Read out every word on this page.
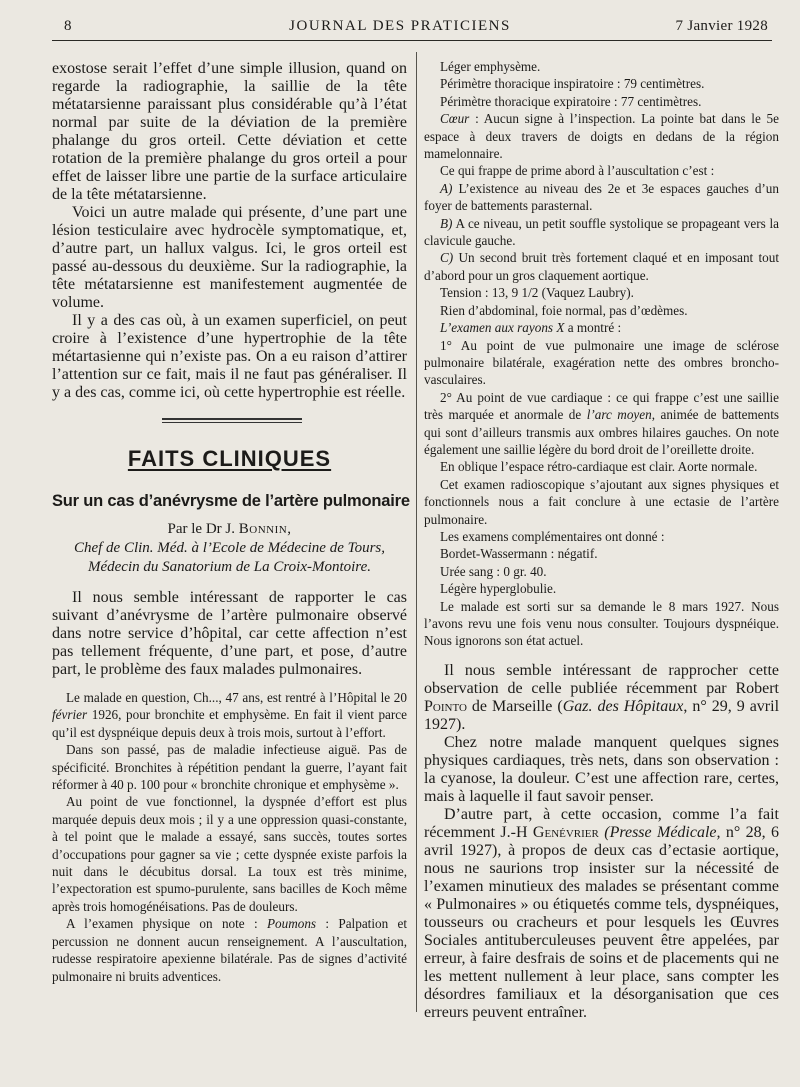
8	JOURNAL DES PRATICIENS	7 Janvier 1928

exostose serait l’effet d’une simple illusion, quand on regarde la radiographie, la saillie de la tête métatarsienne paraissant plus considérable qu’à l’état normal par suite de la déviation de la première phalange du gros orteil. Cette déviation et cette rotation de la première phalange du gros orteil a pour effet de laisser libre une partie de la surface articulaire de la tête métatarsienne.

Voici un autre malade qui présente, d’une part une lésion testiculaire avec hydrocèle symptomatique, et, d’autre part, un hallux valgus. Ici, le gros orteil est passé au-dessous du deuxième. Sur la radiographie, la tête métatarsienne est manifestement augmentée de volume.

Il y a des cas où, à un examen superficiel, on peut croire à l’existence d’une hypertrophie de la tête métartasienne qui n’existe pas. On a eu raison d’attirer l’attention sur ce fait, mais il ne faut pas généraliser. Il y a des cas, comme ici, où cette hypertrophie est réelle.

FAITS CLINIQUES
Sur un cas d’anévrysme de l’artère pulmonaire

Par le Dr J. Bonnin,

Chef de Clin. Méd. à l’Ecole de Médecine de Tours,

Médecin du Sanatorium de La Croix-Montoire.

Il nous semble intéressant de rapporter le cas suivant d’anévrysme de l’artère pulmonaire observé dans notre service d’hôpital, car cette affection n’est pas tellement fréquente, d’une part, et pose, d’autre part, le problème des faux malades pulmonaires.

Le malade en question, Ch..., 47 ans, est rentré à l’Hôpital le 20 février 1926, pour bronchite et emphysème. En fait il vient parce qu’il est dyspnéique depuis deux à trois mois, surtout à l’effort.

Dans son passé, pas de maladie infectieuse aiguë. Pas de spécificité. Bronchites à répétition pendant la guerre, l’ayant fait réformer à 40 p. 100 pour « bronchite chronique et emphysème ».

Au point de vue fonctionnel, la dyspnée d’effort est plus marquée depuis deux mois ; il y a une oppression quasi-constante, à tel point que le malade a essayé, sans succès, toutes sortes d’occupations pour gagner sa vie ; cette dyspnée existe parfois la nuit dans le décubitus dorsal. La toux est très minime, l’expectoration est spumo-purulente, sans bacilles de Koch même après trois homogénéisations. Pas de douleurs.

A l’examen physique on note : Poumons : Palpation et percussion ne donnent aucun renseignement. A l’auscultation, rudesse respiratoire apexienne bilatérale. Pas de signes d’activité pulmonaire ni bruits adventices.

Léger emphysème.

Périmètre thoracique inspiratoire : 79 centimètres.

Périmètre thoracique expiratoire : 77 centimètres.

Cœur : Aucun signe à l’inspection. La pointe bat dans le 5e espace à deux travers de doigts en dedans de la région mamelonnaire.

Ce qui frappe de prime abord à l’auscultation c’est :

A) L’existence au niveau des 2e et 3e espaces gauches d’un foyer de battements parasternal.

B) A ce niveau, un petit souffle systolique se propageant vers la clavicule gauche.

C) Un second bruit très fortement claqué et en imposant tout d’abord pour un gros claquement aortique.

Tension : 13, 9 1/2 (Vaquez Laubry).

Rien d’abdominal, foie normal, pas d’œdèmes.

L’examen aux rayons X a montré :

1° Au point de vue pulmonaire une image de sclérose pulmonaire bilatérale, exagération nette des ombres broncho-vasculaires.

2° Au point de vue cardiaque : ce qui frappe c’est une saillie très marquée et anormale de l’arc moyen, animée de battements qui sont d’ailleurs transmis aux ombres hilaires gauches. On note également une saillie légère du bord droit de l’oreillette droite.

En oblique l’espace rétro-cardiaque est clair. Aorte normale.

Cet examen radioscopique s’ajoutant aux signes physiques et fonctionnels nous a fait conclure à une ectasie de l’artère pulmonaire.

Les examens complémentaires ont donné :

Bordet-Wassermann : négatif.

Urée sang : 0 gr. 40.

Légère hyperglobulie.

Le malade est sorti sur sa demande le 8 mars 1927. Nous l’avons revu une fois venu nous consulter. Toujours dyspnéique. Nous ignorons son état actuel.

Il nous semble intéressant de rapprocher cette observation de celle publiée récemment par Robert Pointo de Marseille (Gaz. des Hôpitaux, n° 29, 9 avril 1927).

Chez notre malade manquent quelques signes physiques cardiaques, très nets, dans son observation : la cyanose, la douleur. C’est une affection rare, certes, mais à laquelle il faut savoir penser.

D’autre part, à cette occasion, comme l’a fait récemment J.-H Genévrier (Presse Médicale, n° 28, 6 avril 1927), à propos de deux cas d’ectasie aortique, nous ne saurions trop insister sur la nécessité de l’examen minutieux des malades se présentant comme « Pulmonaires » ou étiquetés comme tels, dyspnéiques, tousseurs ou cracheurs et pour lesquels les Œuvres Sociales antituberculeuses peuvent être appelées, par erreur, à faire desfrais de soins et de placements qui ne les mettent nullement à leur place, sans compter les désordres familiaux et la désorganisation que ces erreurs peuvent entraîner.
